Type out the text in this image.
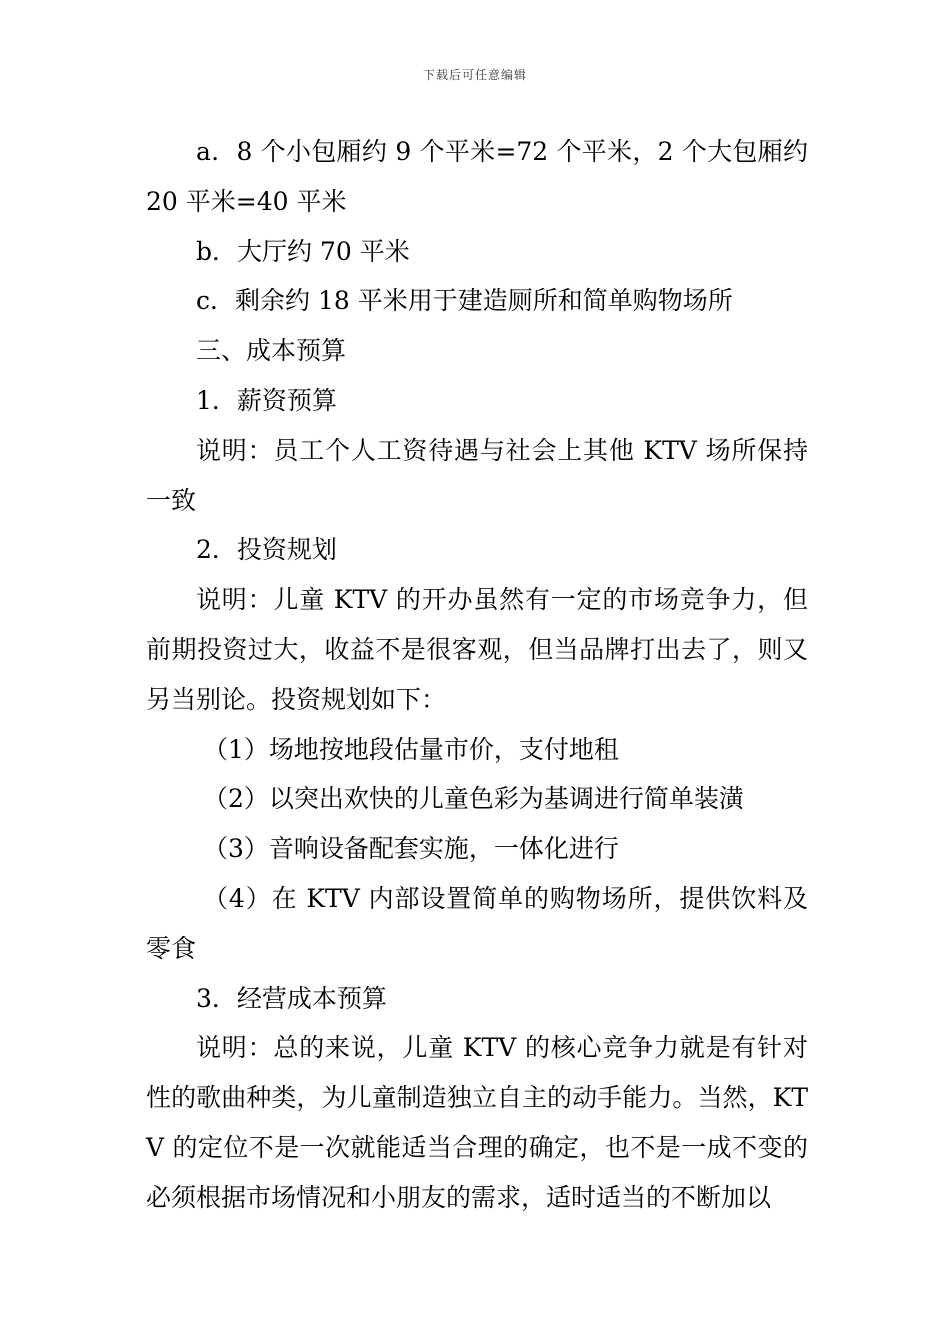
下载后可任意编辑

a．8 个小包厢约 9 个平米=72 个平米，2 个大包厢约 20 平米=40 平米

b．大厅约 70 平米

c．剩余约 18 平米用于建造厕所和简单购物场所

三、成本预算

1．薪资预算

说明：员工个人工资待遇与社会上其他 KTV 场所保持一致

2．投资规划

说明：儿童 KTV 的开办虽然有一定的市场竞争力，但前期投资过大，收益不是很客观，但当品牌打出去了，则又另当别论。投资规划如下：

（1）场地按地段估量市价，支付地租

（2）以突出欢快的儿童色彩为基调进行简单装潢

（3）音响设备配套实施，一体化进行

（4）在 KTV 内部设置简单的购物场所，提供饮料及零食

3．经营成本预算

说明：总的来说，儿童 KTV 的核心竞争力就是有针对性的歌曲种类，为儿童制造独立自主的动手能力。当然，KTV 的定位不是一次就能适当合理的确定，也不是一成不变的必须根据市场情况和小朋友的需求，适时适当的不断加以
